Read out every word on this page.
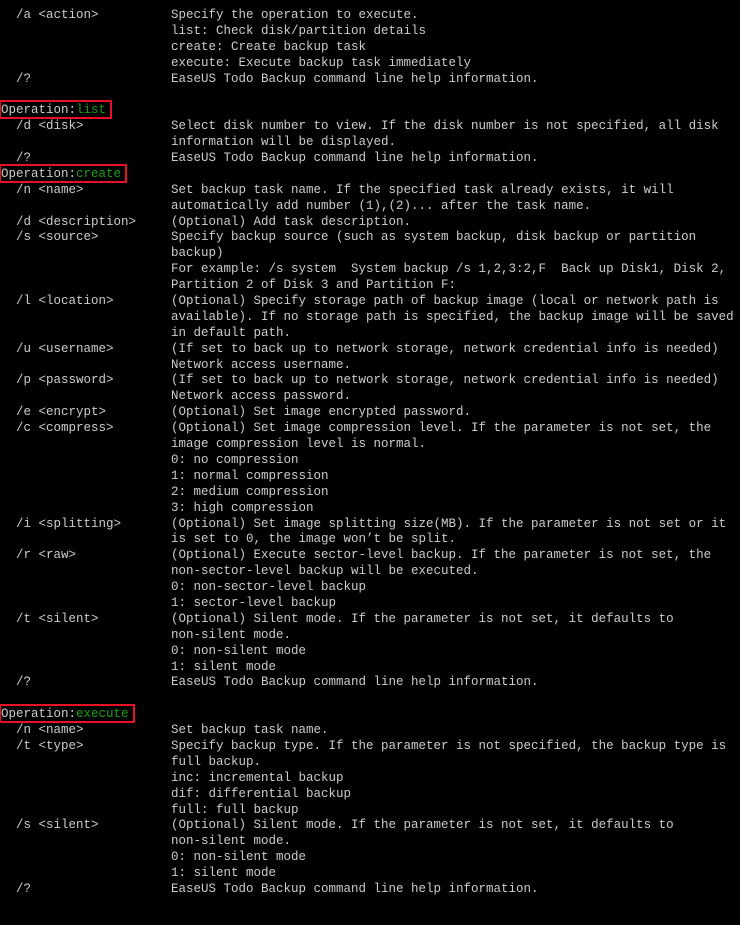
/a <action>	Specify the operation to execute.
list: Check disk/partition details
create: Create backup task
execute: Execute backup task immediately
/?	EaseUS Todo Backup command line help information.
Operation:list
/d <disk>	Select disk number to view. If the disk number is not specified, all disk
information will be displayed.
/?	EaseUS Todo Backup command line help information.
Operation:create
/n <name>	Set backup task name. If the specified task already exists, it will
automatically add number (1),(2)... after the task name.
/d <description>	(Optional) Add task description.
/s <source>	Specify backup source (such as system backup, disk backup or partition
backup)
For example: /s system  System backup /s 1,2,3:2,F  Back up Disk1, Disk 2,
Partition 2 of Disk 3 and Partition F:
/l <location>	(Optional) Specify storage path of backup image (local or network path is
available). If no storage path is specified, the backup image will be saved
in default path.
/u <username>	(If set to back up to network storage, network credential info is needed)
Network access username.
/p <password>	(If set to back up to network storage, network credential info is needed)
Network access password.
/e <encrypt>	(Optional) Set image encrypted password.
/c <compress>	(Optional) Set image compression level. If the parameter is not set, the
image compression level is normal.
0: no compression
1: normal compression
2: medium compression
3: high compression
/i <splitting>	(Optional) Set image splitting size(MB). If the parameter is not set or it
is set to 0, the image won’t be split.
/r <raw>	(Optional) Execute sector-level backup. If the parameter is not set, the
non-sector-level backup will be executed.
0: non-sector-level backup
1: sector-level backup
/t <silent>	(Optional) Silent mode. If the parameter is not set, it defaults to
non-silent mode.
0: non-silent mode
1: silent mode
/?	EaseUS Todo Backup command line help information.
Operation:execute
/n <name>	Set backup task name.
/t <type>	Specify backup type. If the parameter is not specified, the backup type is
full backup.
inc: incremental backup
dif: differential backup
full: full backup
/s <silent>	(Optional) Silent mode. If the parameter is not set, it defaults to
non-silent mode.
0: non-silent mode
1: silent mode
/?	EaseUS Todo Backup command line help information.
